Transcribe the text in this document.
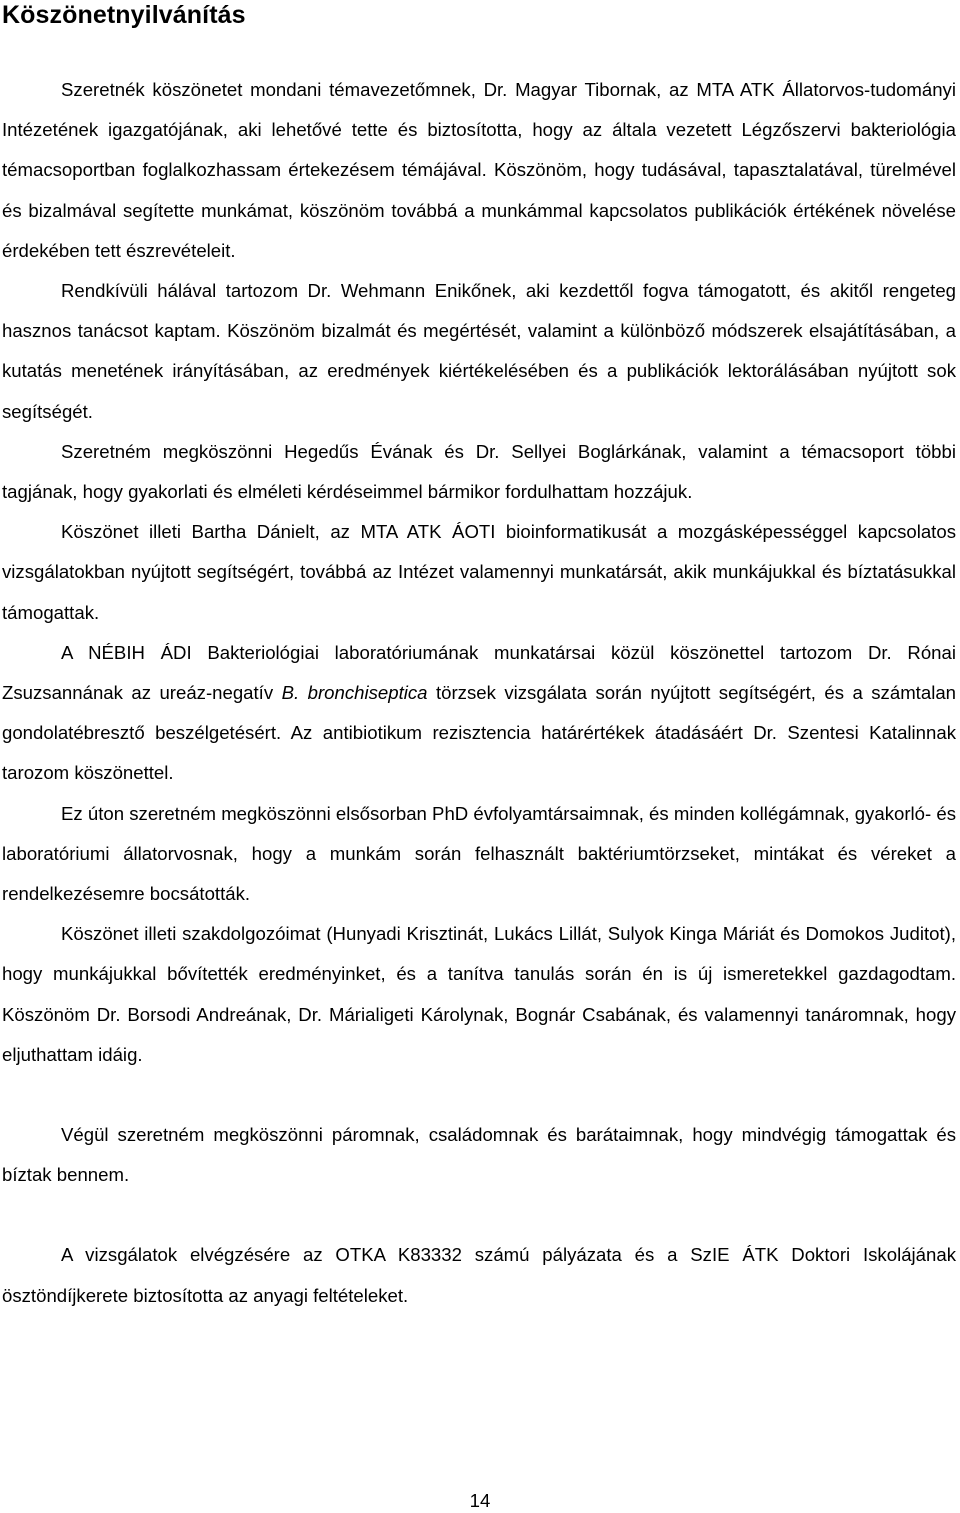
Köszönetnyilvánítás

Szeretnék köszönetet mondani témavezetőmnek, Dr. Magyar Tibornak, az MTA ATK Állatorvos-tudományi Intézetének igazgatójának, aki lehetővé tette és biztosította, hogy az általa vezetett Légzőszervi bakteriológia témacsoportban foglalkozhassam értekezésem témájával. Köszönöm, hogy tudásával, tapasztalatával, türelmével és bizalmával segítette munkámat, köszönöm továbbá a munkámmal kapcsolatos publikációk értékének növelése érdekében tett észrevételeit.

Rendkívüli hálával tartozom Dr. Wehmann Enikőnek, aki kezdettől fogva támogatott, és akitől rengeteg hasznos tanácsot kaptam. Köszönöm bizalmát és megértését, valamint a különböző módszerek elsajátításában, a kutatás menetének irányításában, az eredmények kiértékelésében és a publikációk lektorálásában nyújtott sok segítségét.

Szeretném megköszönni Hegedűs Évának és Dr. Sellyei Boglárkának, valamint a témacsoport többi tagjának, hogy gyakorlati és elméleti kérdéseimmel bármikor fordulhattam hozzájuk.

Köszönet illeti Bartha Dánielt, az MTA ATK ÁOTI bioinformatikusát a mozgásképességgel kapcsolatos vizsgálatokban nyújtott segítségért, továbbá az Intézet valamennyi munkatársát, akik munkájukkal és bíztatásukkal támogattak.

A NÉBIH ÁDI Bakteriológiai laboratóriumának munkatársai közül köszönettel tartozom Dr. Rónai Zsuzsannának az ureáz-negatív B. bronchiseptica törzsek vizsgálata során nyújtott segítségért, és a számtalan gondolatébresztő beszélgetésért. Az antibiotikum rezisztencia határértékek átadásáért Dr. Szentesi Katalinnak tarozom köszönettel.

Ez úton szeretném megköszönni elsősorban PhD évfolyamtársaimnak, és minden kollégámnak, gyakorló- és laboratóriumi állatorvosnak, hogy a munkám során felhasznált baktériumtörzseket, mintákat és véreket a rendelkezésemre bocsátották.

Köszönet illeti szakdolgozóimat (Hunyadi Krisztinát, Lukács Lillát, Sulyok Kinga Máriát és Domokos Juditot), hogy munkájukkal bővítették eredményinket, és a tanítva tanulás során én is új ismeretekkel gazdagodtam. Köszönöm Dr. Borsodi Andreának, Dr. Márialigeti Károlynak, Bognár Csabának, és valamennyi tanáromnak, hogy eljuthattam idáig.

Végül szeretném megköszönni páromnak, családomnak és barátaimnak, hogy mindvégig támogattak és bíztak bennem.

A vizsgálatok elvégzésére az OTKA K83332 számú pályázata és a SzIE ÁTK Doktori Iskolájának ösztöndíjkerete biztosította az anyagi feltételeket.

14
